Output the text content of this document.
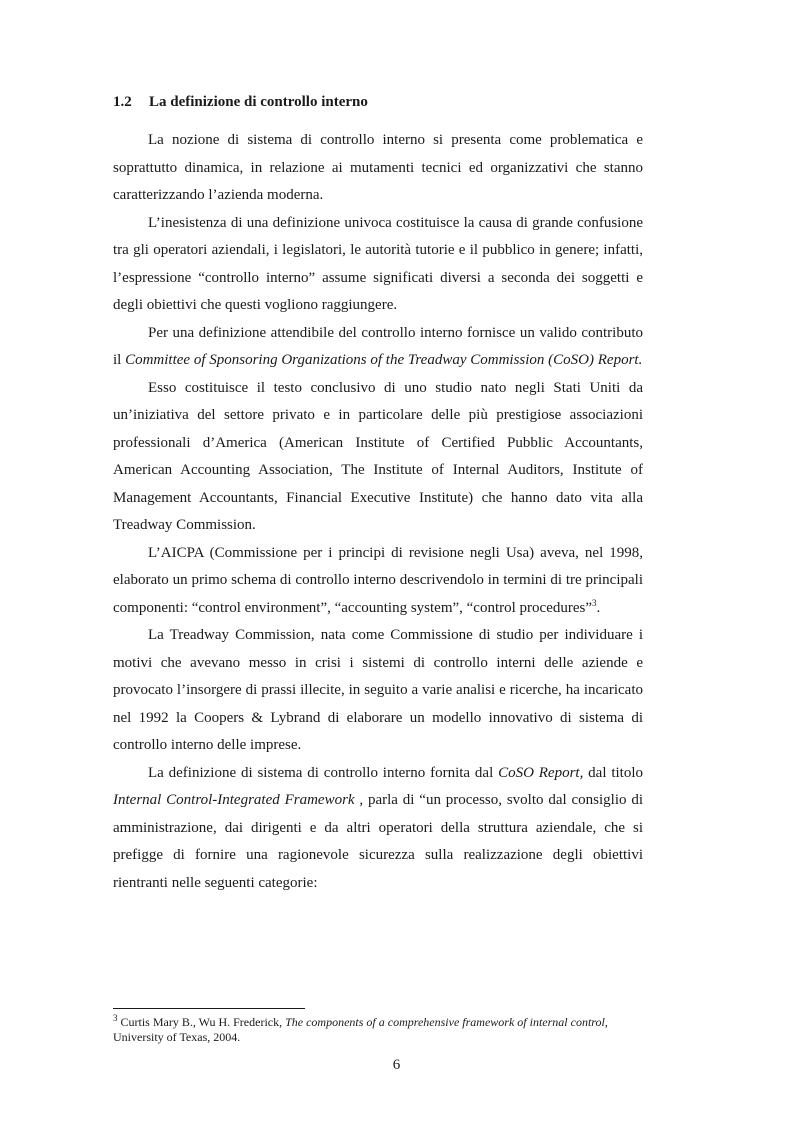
1.2 La definizione di controllo interno

La nozione di sistema di controllo interno si presenta come problematica e soprattutto dinamica, in relazione ai mutamenti tecnici ed organizzativi che stanno caratterizzando l’azienda moderna.

L’inesistenza di una definizione univoca costituisce la causa di grande confusione tra gli operatori aziendali, i legislatori, le autorità tutorie e il pubblico in genere; infatti, l’espressione “controllo interno” assume significati diversi a seconda dei soggetti e degli obiettivi che questi vogliono raggiungere.

Per una definizione attendibile del controllo interno fornisce un valido contributo il Committee of Sponsoring Organizations of the Treadway Commission (CoSO) Report.

Esso costituisce il testo conclusivo di uno studio nato negli Stati Uniti da un’iniziativa del settore privato e in particolare delle più prestigiose associazioni professionali d’America (American Institute of Certified Pubblic Accountants, American Accounting Association, The Institute of Internal Auditors, Institute of Management Accountants, Financial Executive Institute) che hanno dato vita alla Treadway Commission.

L’AICPA (Commissione per i principi di revisione negli Usa) aveva, nel 1998, elaborato un primo schema di controllo interno descrivendolo in termini di tre principali componenti: “control environment”, “accounting system”, “control procedures”$^3$.

La Treadway Commission, nata come Commissione di studio per individuare i motivi che avevano messo in crisi i sistemi di controllo interni delle aziende e provocato l’insorgere di prassi illecite, in seguito a varie analisi e ricerche, ha incaricato nel 1992 la Coopers & Lybrand di elaborare un modello innovativo di sistema di controllo interno delle imprese.

La definizione di sistema di controllo interno fornita dal CoSO Report, dal titolo Internal Control-Integrated Framework , parla di “un processo, svolto dal consiglio di amministrazione, dai dirigenti e da altri operatori della struttura aziendale, che si prefigge di fornire una ragionevole sicurezza sulla realizzazione degli obiettivi rientranti nelle seguenti categorie:

$^3$ Curtis Mary B., Wu H. Frederick, The components of a comprehensive framework of internal control, University of Texas, 2004.

6
